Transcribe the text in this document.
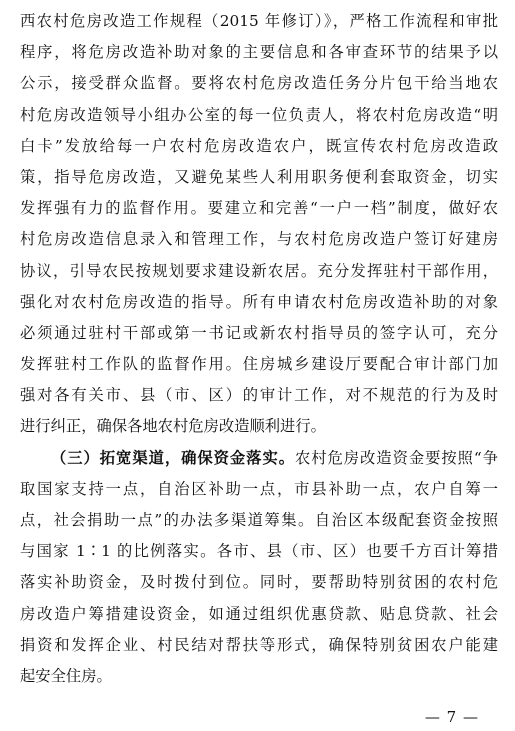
西农村危房改造工作规程（2015 年修订）》，严格工作流程和审批
程序，将危房改造补助对象的主要信息和各审查环节的结果予以
公示，接受群众监督。要将农村危房改造任务分片包干给当地农
村危房改造领导小组办公室的每一位负责人，将农村危房改造“明
白卡”发放给每一户农村危房改造农户，既宣传农村危房改造政
策，指导危房改造，又避免某些人利用职务便利套取资金，切实
发挥强有力的监督作用。要建立和完善“一户一档”制度，做好农
村危房改造信息录入和管理工作，与农村危房改造户签订好建房
协议，引导农民按规划要求建设新农居。充分发挥驻村干部作用，
强化对农村危房改造的指导。所有申请农村危房改造补助的对象
必须通过驻村干部或第一书记或新农村指导员的签字认可，充分
发挥驻村工作队的监督作用。住房城乡建设厅要配合审计部门加
强对各有关市、县（市、区）的审计工作，对不规范的行为及时
进行纠正，确保各地农村危房改造顺利进行。
（三）拓宽渠道，确保资金落实。农村危房改造资金要按照“争
取国家支持一点，自治区补助一点，市县补助一点，农户自筹一
点，社会捐助一点”的办法多渠道筹集。自治区本级配套资金按照
与国家 1∶1 的比例落实。各市、县（市、区）也要千方百计筹措
落实补助资金，及时拨付到位。同时，要帮助特别贫困的农村危
房改造户筹措建设资金，如通过组织优惠贷款、贴息贷款、社会
捐资和发挥企业、村民结对帮扶等形式，确保特别贫困农户能建
起安全住房。
— 7 —
